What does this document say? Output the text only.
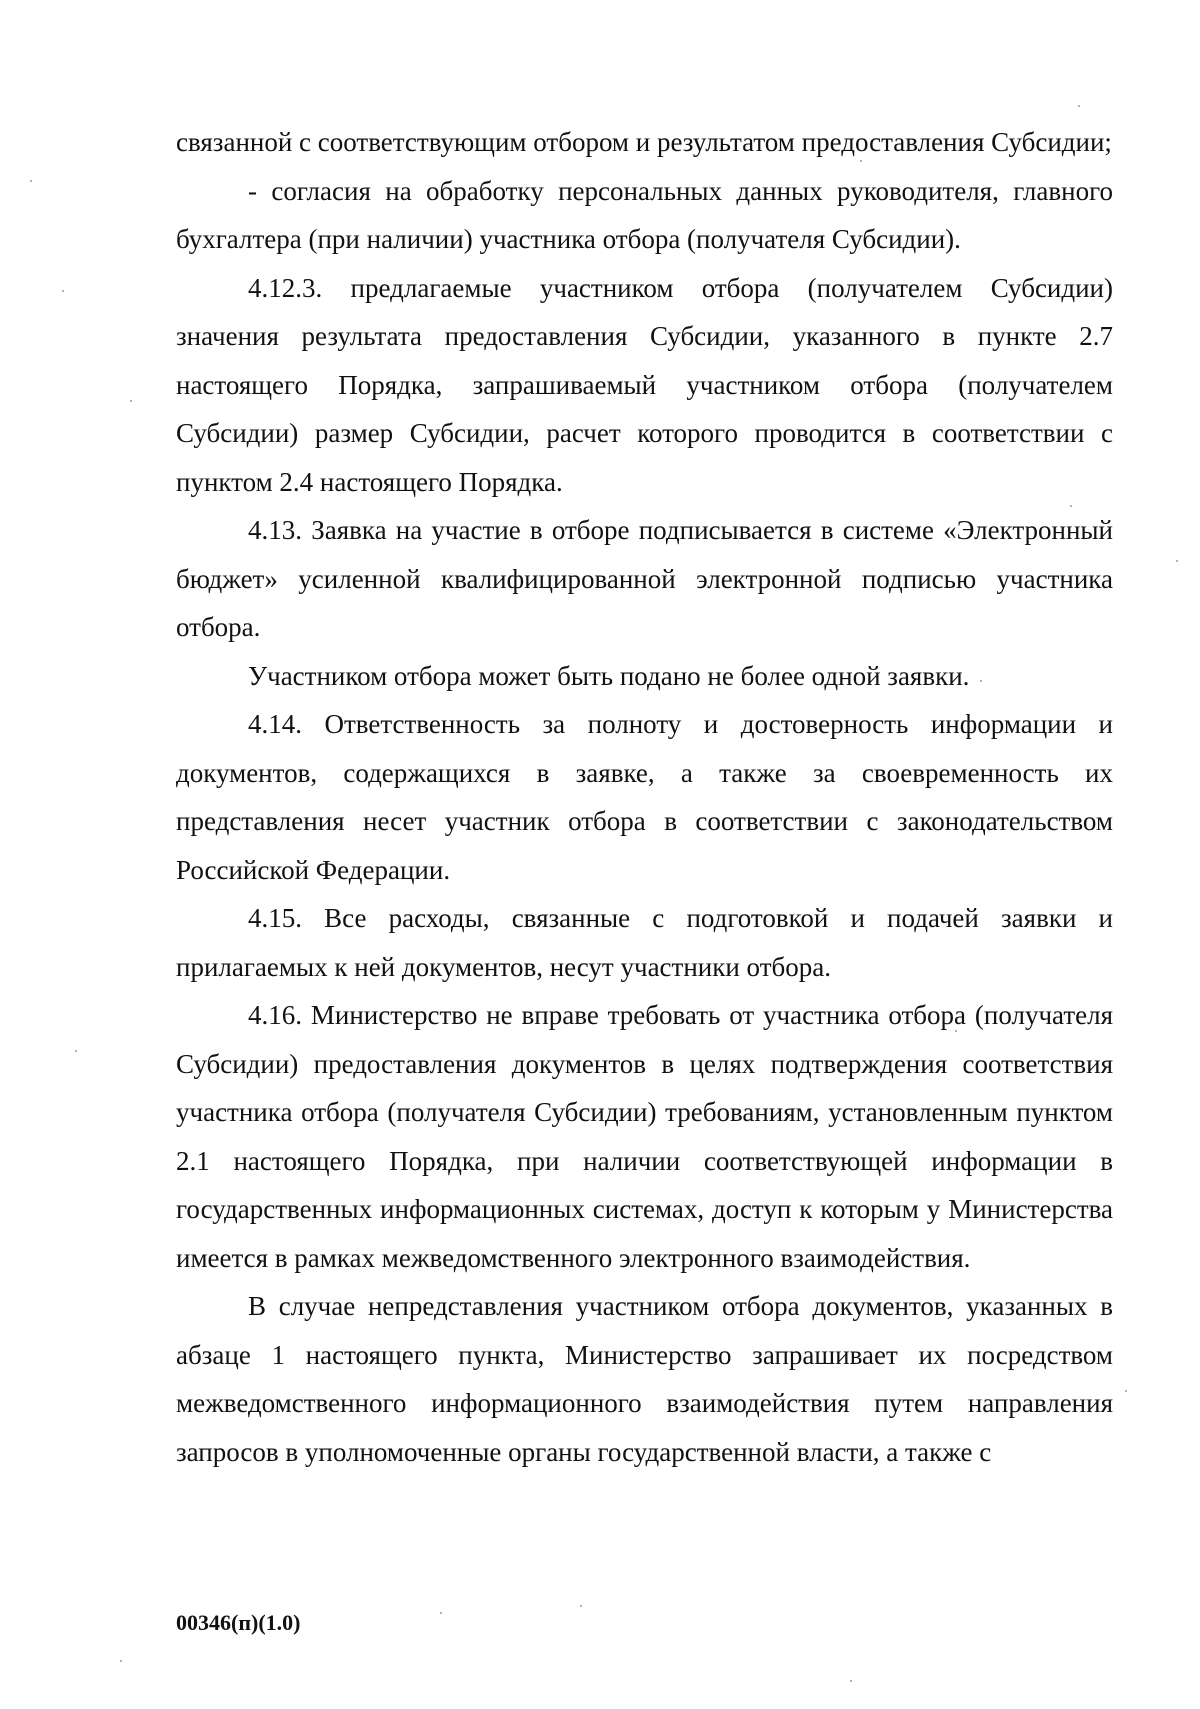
связанной с соответствующим отбором и результатом предоставления Субсидии;

- согласия на обработку персональных данных руководителя, главного бухгалтера (при наличии) участника отбора (получателя Субсидии).

4.12.3. предлагаемые участником отбора (получателем Субсидии) значения результата предоставления Субсидии, указанного в пункте 2.7 настоящего Порядка, запрашиваемый участником отбора (получателем Субсидии) размер Субсидии, расчет которого проводится в соответствии с пунктом 2.4 настоящего Порядка.

4.13. Заявка на участие в отборе подписывается в системе «Электронный бюджет» усиленной квалифицированной электронной подписью участника отбора.

Участником отбора может быть подано не более одной заявки.

4.14. Ответственность за полноту и достоверность информации и документов, содержащихся в заявке, а также за своевременность их представления несет участник отбора в соответствии с законодательством Российской Федерации.

4.15. Все расходы, связанные с подготовкой и подачей заявки и прилагаемых к ней документов, несут участники отбора.

4.16. Министерство не вправе требовать от участника отбора (получателя Субсидии) предоставления документов в целях подтверждения соответствия участника отбора (получателя Субсидии) требованиям, установленным пунктом 2.1 настоящего Порядка, при наличии соответствующей информации в государственных информационных системах, доступ к которым у Министерства имеется в рамках межведомственного электронного взаимодействия.

В случае непредставления участником отбора документов, указанных в абзаце 1 настоящего пункта, Министерство запрашивает их посредством межведомственного информационного взаимодействия путем направления запросов в уполномоченные органы государственной власти, а также с

00346(п)(1.0)
